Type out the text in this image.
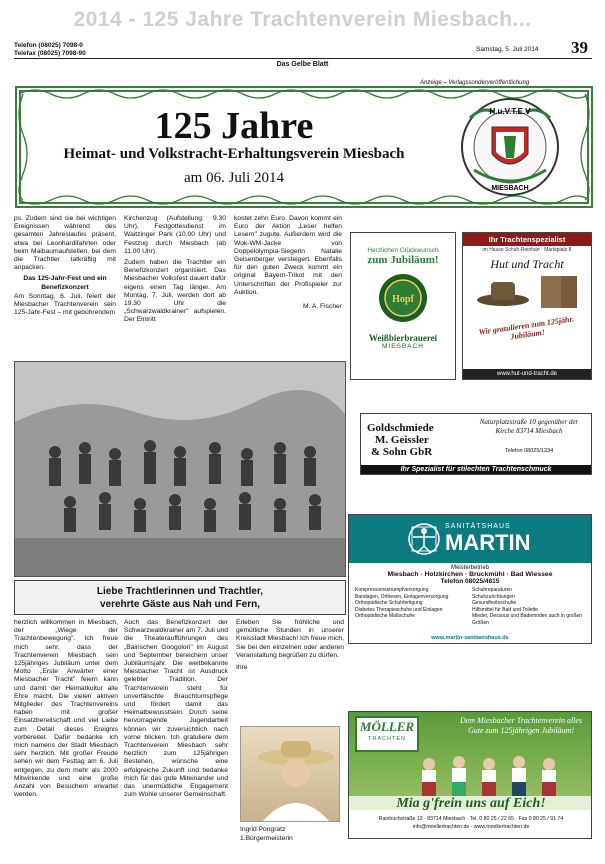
2014 - 125 Jahre Trachtenverein Miesbach...
Telefon (08025) 7098-0
Telefax (08025) 7098-90
Samstag, 5. Juli 2014 39
Das Gelbe Blatt
Anzeige – Verlagssonderveröffentlichung
125 Jahre
Heimat- und Volkstracht-Erhaltungsverein Miesbach
am 06. Juli 2014
H.u.V.T.E.V
MIESBACH

ps. Zudem sind sie bei wichtigen Ereignissen während des gesamten Jahreslaufes präsent, etwa bei Leonhardifahrten oder beim Maibaumaufstellen, bei dem die Trachtler tatkräftig mit anpacken.

Das 125-Jahr-Fest und ein Benefizkonzert

Am Sonntag, 6. Juli, feiert der Miesbacher Trachtenverein sein 125-Jahr-Fest – mit gebührendem

Kirchenzug (Aufstellung: 9.30 Uhr), Festgottesdienst im Waitzinger Park (10.00 Uhr) und Festzug durch Miesbach (ab 11.00 Uhr).

Zudem haben die Trachtler ein Benefizkonzert organisiert. Das Miesbacher Volksfest dauert dafür eigens einen Tag länger. Am Montag, 7. Juli, werden dort ab 19.30 Uhr die „Schwarzwaldkrainer" aufspielen. Der Eintritt

kostet zehn Euro. Davon kommt ein Euro der Aktion „Leser helfen Lesern" zugute. Außerdem wird die Wok-WM-Jacke von Doppelolympia-Siegerin Natalie Geisenberger versteigert. Ebenfalls für den guten Zweck kommt ein original Bayern-Trikot mit den Unterschriften der Profispieler zur Auktion.

M. A. Fischer

Liebe Trachtlerinnen und Trachtler,
verehrte Gäste aus Nah und Fern,

herzlich willkommen in Miesbach, der „Wiege der Trachtenbewegung". Ich freue mich sehr, dass der Trachtenverein Miesbach sein 125jähriges Jubiläum unter dem Motto „Erste Anwärter einer Miesbacher Tracht" feiern kann und damit der Heimatkultur alle Ehre macht. Die vielen aktiven Mitglieder des Trachtenvereins haben mit großer Einsatzbereitschaft und viel Liebe zum Detail dieses Ereignis vorbereitet. Dafür bedanke ich mich namens der Stadt Miesbach sehr herzlich. Mit großer Freude sehen wir dem Festtag am 6. Juli entgegen, zu dem mehr als 2000 Mitwirkende und eine große Anzahl von Besuchern erwartet werden.

Auch das Benefizkonzert der Schwarzwaldkrainer am 7. Juli und die Theateraufführungen des „Bairischen Googolori" im August und September bereichern unser Jubiläumsjahr. Die weitbekannte Miesbacher Tracht ist Ausdruck gelebter Tradition. Der Trachtenverein steht für unverfälschte Brauchtumspflege und fördert damit das Heimatbewusstsein. Durch seine hervorragende Jugendarbeit können wir zuversichtlich nach vorne blicken. Ich gratuliere dem Trachtenverein Miesbach sehr herzlich zum 125jährigen Bestehen, wünsche eine erfolgreiche Zukunft und bedanke mich für das gute Miteinander und das unermüdliche Engagement zum Wohle unserer Gemeinschaft.

Erleben Sie fröhliche und gemütliche Stunden in unserer Kreisstadt Miesbach! Ich freue mich, Sie bei den einzelnen oder anderen Veranstaltung begrüßen zu dürfen.

Ihre

Ingrid Pongratz
1.Bürgermeisterin
Herzlichen Glückwunsch
zum Jubiläum!
Hopf
Weißbierbrauerei
MIESBACH
Ihr Trachtenspezialist
im Hause Schuh-Reinhart · Marktplatz 8
Hut und Tracht
Wir gratulieren zum 125jähr. Jubiläum!
www.hut-und-tracht.de
Goldschmiede
M. Geissler
& Sohn GbR
Naturplatzstraße 10 gegenüber der Kirche 83714 Miesbach
Telefon 08025/1234
Ihr Spezialist für stilechten Trachtenschmuck
SANITÄTSHAUS
MARTIN
Meisterbetrieb
Miesbach · Holzkirchen · Bruckmühl · Bad Wiessee
Telefon 08025/4815
Kompressionsstrumpfversorgung	Schuhreparaturen
Bandagen, Orthesen, Einlagenversorgung	Schuhzurichtungen
Orthopädische Schuhfertigung	Gesundheitsschuhe
Diabetes Therapieschuhe und Einlagen	Hilfsmittel für Bad und Toilette
Orthopädische Maßschuhe	Mieder, Dessous und Bademoden auch in großen Größen
www.martin-sanitaetshaus.de
MÖLLER
TRACHTEN
Dem Miesbacher Trachtenverein alles Gute zum 125jährigen Jubiläum!
Mia g'frein uns auf Eich!
Rainbuchstraße 13 · 83714 Miesbach · Tel. 0 80 25 / 22 65 · Fax 0 80 25 / 91 74
info@moellertrachten.de · www.moellertrachten.de
